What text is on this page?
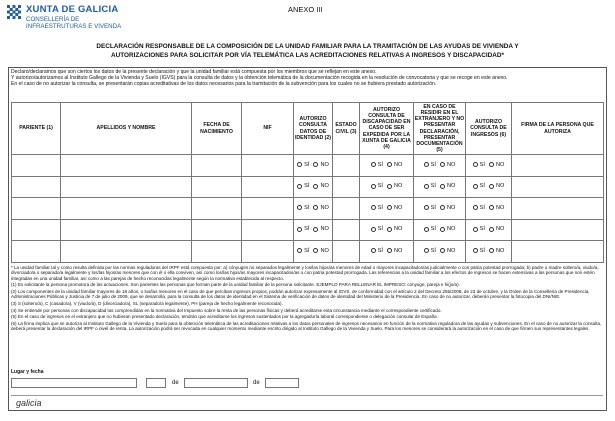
XUNTA DE GALICIA
CONSELLERÍA DE
INFRAESTRUTURAS E VIVENDA
ANEXO III
DECLARACIÓN RESPONSABLE DE LA COMPOSICIÓN DE LA UNIDAD FAMILIAR PARA LA TRAMITACIÓN DE LAS AYUDAS DE VIVIENDA Y
AUTORIZACIONES PARA SOLICITAR POR VÍA TELEMÁTICA LAS ACREDITACIONES RELATIVAS A INGRESOS Y DISCAPACIDAD*

Declaro/declaramos que son ciertos los datos de la presente declaración y que la unidad familiar está compuesta por los miembros que se reflejan en este anexo.

Y autorizo/autorizamos al Instituto Gallego de la Vivienda y Suelo (IGVS) para la consulta de datos y la obtención telemática de la documentación recogida en la resolución de convocatoria y que se recoge en este anexo.

En el caso de no autorizar la consulta, se presentarán copias acreditativas de los datos necesarios para la tramitación de la subvención para los cuales no se hubiera prestado autorización.

PARIENTE (1)	APELLIDOS Y NOMBRE	FECHA DE NACIMIENTO	NIF	AUTORIZO CONSULTA DATOS DE IDENTIDAD (2)	ESTADO CIVIL (3)	AUTORIZO CONSULTA DE DISCAPACIDAD EN CASO DE SER EXPEDIDA POR LA XUNTA DE GALICIA (4)	EN CASO DE RESIDIR EN EL EXTRANJERO Y NO PRESENTAR DECLARACIÓN, PRESENTAR DOCUMENTACIÓN (5)	AUTORIZO CONSULTA DE INGRESOS (6)	FIRMA DE LA PERSONA QUE AUTORIZA

				SÍ NO		SÍ NO	SÍ NO	SÍ NO	

				SÍ NO		SÍ NO	SÍ NO	SÍ NO	

				SÍ NO		SÍ NO	SÍ NO	SÍ NO	

				SÍ NO		SÍ NO	SÍ NO	SÍ NO	

				SÍ NO		SÍ NO	SÍ NO	SÍ NO	

* La unidad familiar tal y como resulta definida por las normas reguladoras del IRPF está compuesta por: a) cónyuges no separados legalmente y los/las hijos/as menores de edad o mayores incapacitados/as judicialmente o con patria potestad prorrogada; b) padre o madre soltero/a, viudo/a, divorciado/a o separado/a legalmente y los/las hijos/as menores que con él o ella conviven, así como los/las hijos/as mayores incapacitados/as o con patria potestad prorrogada. Las referencias a la unidad familiar a los efectos de ingresos se hacen extensivas a las personas que non estén integradas en una unidad familiar, así como a las parejas de hecho reconocidas legalmente según la normativa establecida al respecto.

(1) Es solicitante la persona promotora de las actuaciones. Son parientes las personas que forman parte de la unidad familiar de la persona solicitante. EJEMPLO PARA RELLENAR EL IMPRESO: cónyuge, pareja e hi(jo/a).

(2) Los componentes de la unidad familiar mayores de 18 años, o los/las menores en el caso de que perciban ingresos propios, podrán autorizar expresamente al IGVS, de conformidad con el artículo 2 del Decreto 255/2008, de 23 de octubre, y la Orden de la Consellería de Presidencia, Administraciones Públicas y Justicia de 7 de julio de 2009, que se desarrolla, para la consulta de los datos de identidad en el Sistema de verificación de datos de identidad del Ministerio de la Presidencia. En caso de no autorizar, deberán presentar la fotocopia del DNI/NIE.

(3) S (soltero/a), C (casado/a), V (viudo/a), D (divorciado/a), SL (separado/a legalmente), PH (pareja de hecho legalmente reconocida).

(4) Se entiende por personas con discapacidad las comprendidas en la normativa del Impuesto sobre la renta de las personas físicas y deberá acreditarse esta circunstancia mediante el correspondiente certificado.

(5) En el caso de ingresos en el extranjero que no hubieran presentado declaración, tendrán que acreditarse los ingresos sustentados por la agregaduría laboral correspondiente o delegación consular de España.

(6) La firma implica que se autoriza al Instituto Gallego de la Vivienda y Suelo para la obtención telemática de las acreditaciones relativas a los datos personales de ingresos necesarios en función de la normativa reguladora de las ayudas y subvenciones. En el caso de no autorizar la consulta, deberá presentar la declaración del IRPF o nivel de renta. La autorización podrá ser revocada en cualquier momento mediante escrito dirigido al Instituto Gallego de la Vivienda y Suelo. Para los menores se considerará la autorización en el caso de que firmen sus representantes legales.

Lugar y fecha
de	de
galicia
